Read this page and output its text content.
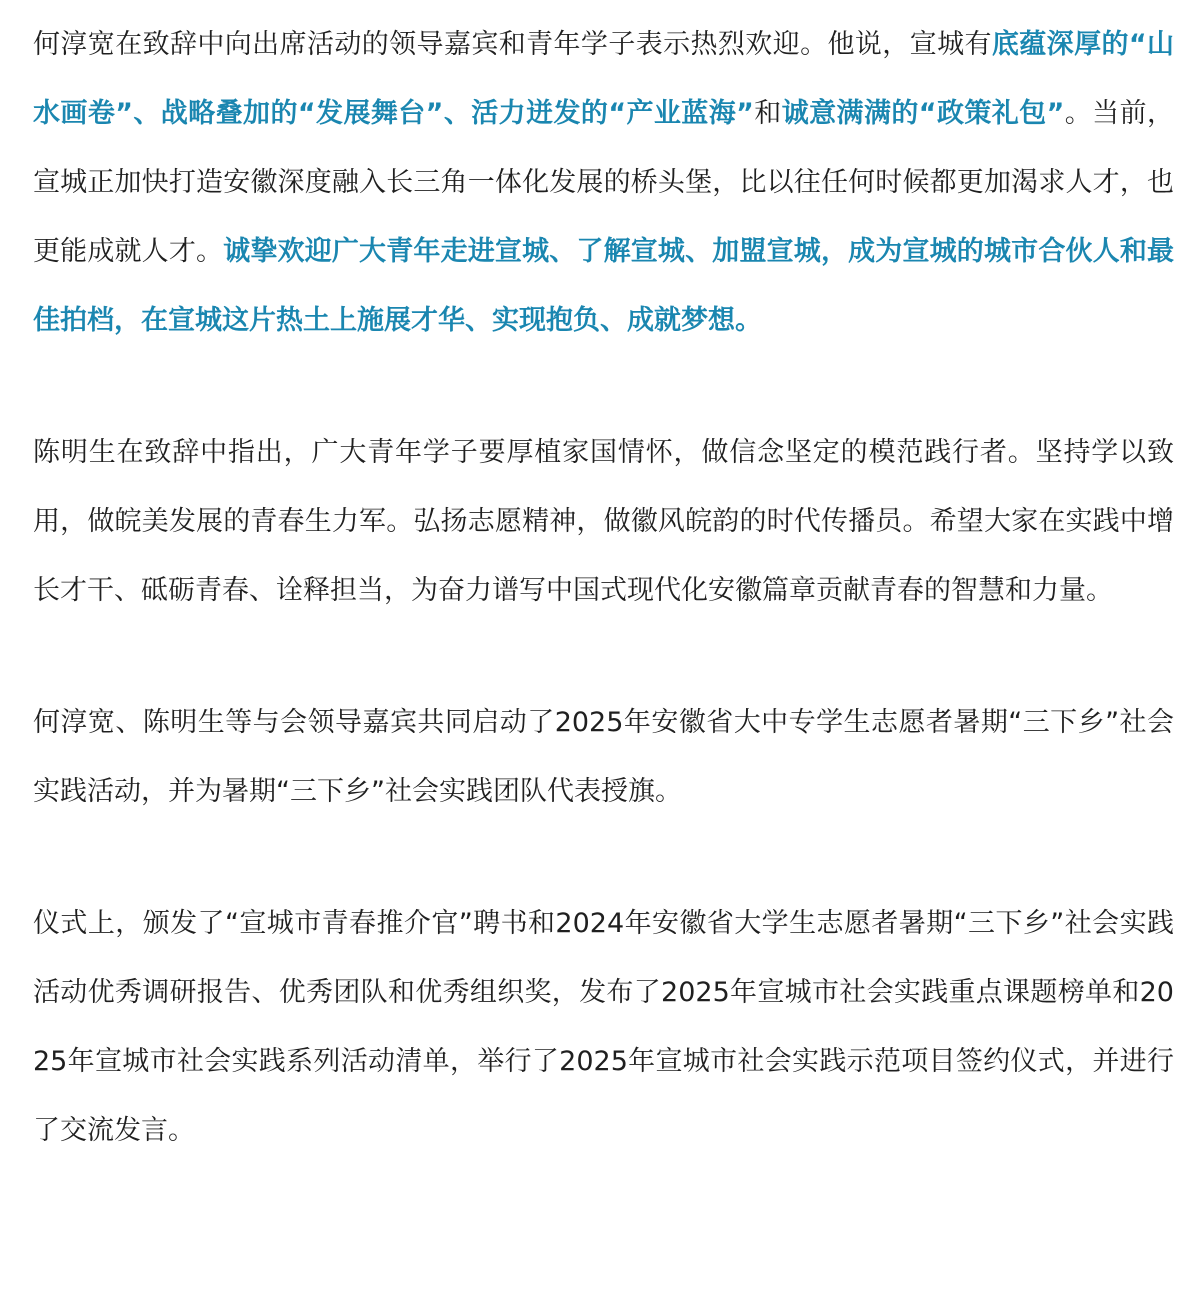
何淳宽在致辞中向出席活动的领导嘉宾和青年学子表示热烈欢迎。他说，宣城有底蕴深厚的“山水画卷”、战略叠加的“发展舞台”、活力迸发的“产业蓝海”和诚意满满的“政策礼包”。当前，宣城正加快打造安徽深度融入长三角一体化发展的桥头堡，比以往任何时候都更加渴求人才，也更能成就人才。诚挚欢迎广大青年走进宣城、了解宣城、加盟宣城，成为宣城的城市合伙人和最佳拍档，在宣城这片热土上施展才华、实现抱负、成就梦想。

陈明生在致辞中指出，广大青年学子要厚植家国情怀，做信念坚定的模范践行者。坚持学以致用，做皖美发展的青春生力军。弘扬志愿精神，做徽风皖韵的时代传播员。希望大家在实践中增长才干、砥砺青春、诠释担当，为奋力谱写中国式现代化安徽篇章贡献青春的智慧和力量。

何淳宽、陈明生等与会领导嘉宾共同启动了2025年安徽省大中专学生志愿者暑期“三下乡”社会实践活动，并为暑期“三下乡”社会实践团队代表授旗。

仪式上，颁发了“宣城市青春推介官”聘书和2024年安徽省大学生志愿者暑期“三下乡”社会实践活动优秀调研报告、优秀团队和优秀组织奖，发布了2025年宣城市社会实践重点课题榜单和2025年宣城市社会实践系列活动清单，举行了2025年宣城市社会实践示范项目签约仪式，并进行了交流发言。
